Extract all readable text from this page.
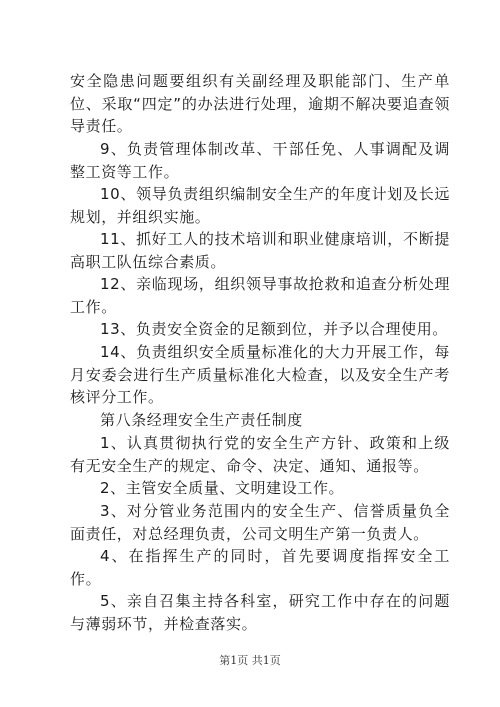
安全隐患问题要组织有关副经理及职能部门、生产单位、采取“四定”的办法进行处理，逾期不解决要追查领导责任。

9、负责管理体制改革、干部任免、人事调配及调整工资等工作。

10、领导负责组织编制安全生产的年度计划及长远规划，并组织实施。

11、抓好工人的技术培训和职业健康培训，不断提高职工队伍综合素质。

12、亲临现场，组织领导事故抢救和追查分析处理工作。

13、负责安全资金的足额到位，并予以合理使用。

14、负责组织安全质量标准化的大力开展工作，每月安委会进行生产质量标准化大检查，以及安全生产考核评分工作。

第八条经理安全生产责任制度

1、认真贯彻执行党的安全生产方针、政策和上级有无安全生产的规定、命令、决定、通知、通报等。

2、主管安全质量、文明建设工作。

3、对分管业务范围内的安全生产、信誉质量负全面责任，对总经理负责，公司文明生产第一负责人。

4、在指挥生产的同时，首先要调度指挥安全工作。

5、亲自召集主持各科室，研究工作中存在的问题与薄弱环节，并检查落实。

第1页 共1页
